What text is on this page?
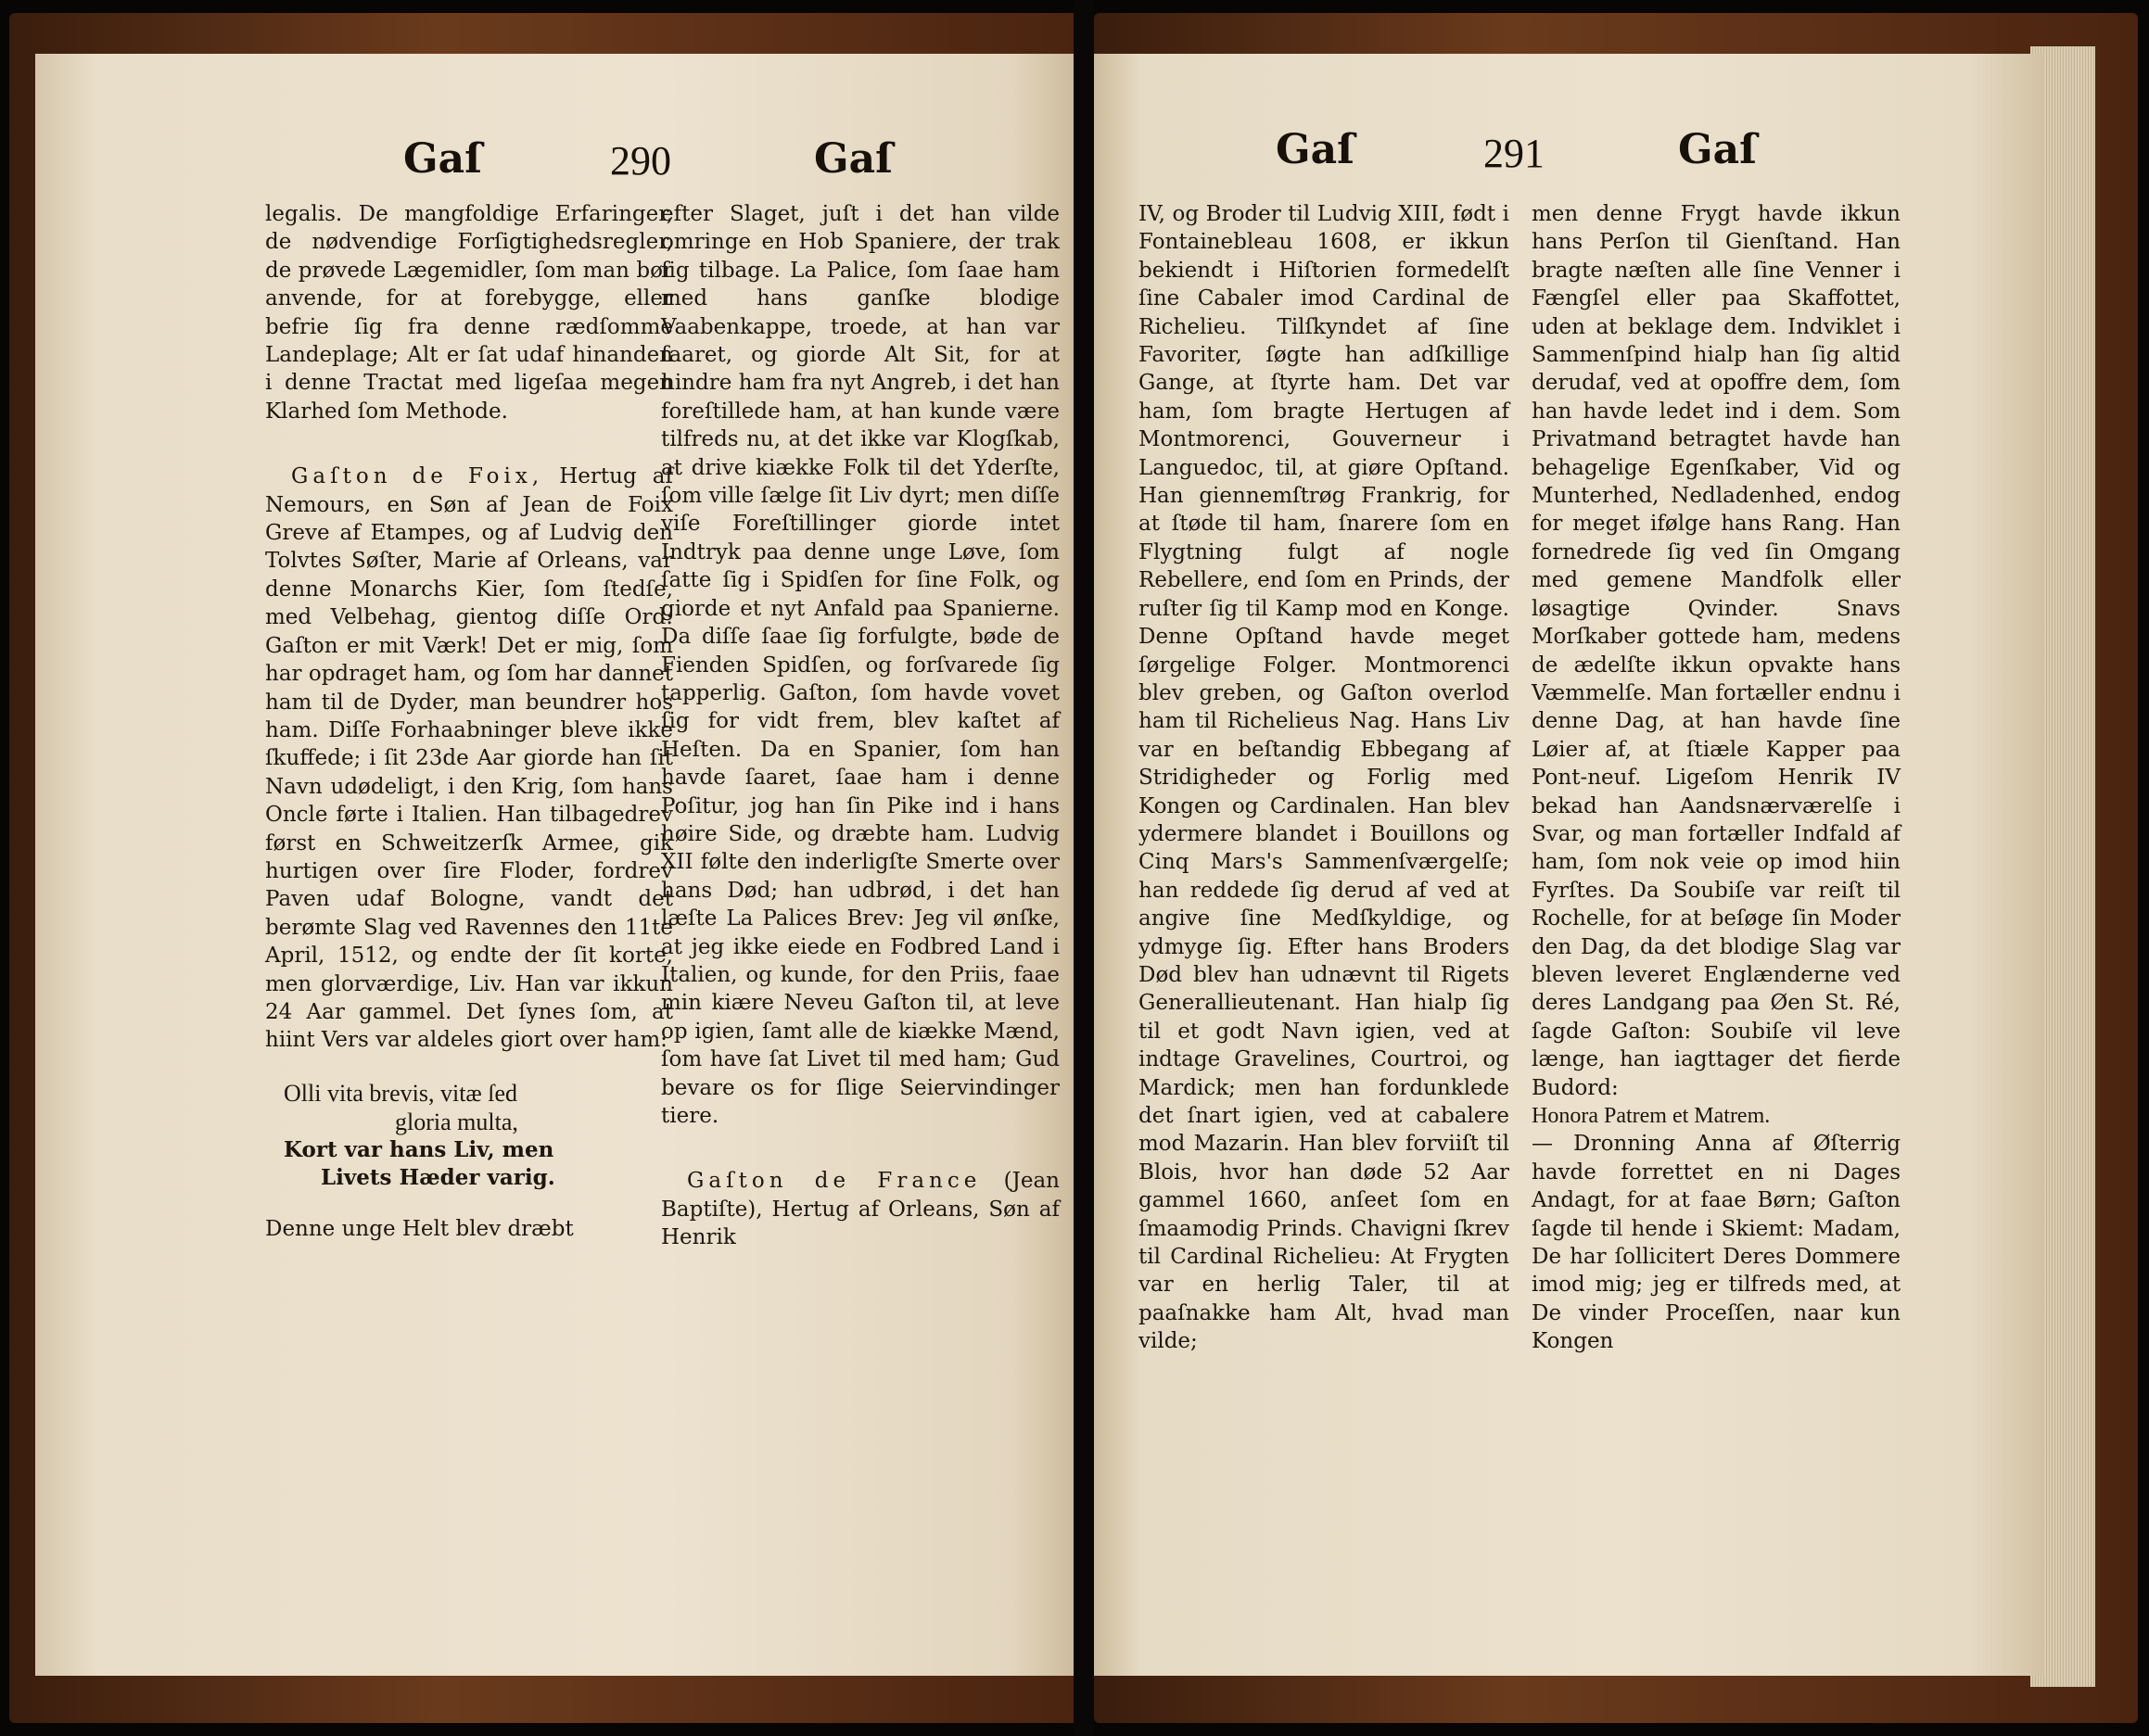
Gaſ	290	Gaſ

legalis. De mangfoldige Erfaringer, de nødvendige Forſigtighedsregler, de prøvede Lægemidler, ſom man bør anvende, for at forebygge, eller befrie ſig fra denne rædſomme Landeplage; Alt er ſat udaf hinanden i denne Tractat med ligeſaa megen Klarhed ſom Methode.

Gaſton de Foix, Hertug af Nemours, en Søn af Jean de Foix Greve af Etampes, og af Ludvig den Tolvtes Søſter, Marie af Orleans, var denne Monarchs Kier, ſom ſtedſe, med Velbehag, gientog diſſe Ord: Gaſton er mit Værk! Det er mig, ſom har opdraget ham, og ſom har dannet ham til de Dyder, man beundrer hos ham. Diſſe Forhaabninger bleve ikke ſkuffede; i ſit 23de Aar giorde han ſit Navn udødeligt, i den Krig, ſom hans Oncle førte i Italien. Han tilbagedrev først en Schweitzerſk Armee, gik hurtigen over ſire Floder, fordrev Paven udaf Bologne, vandt det berømte Slag ved Ravennes den 11te April, 1512, og endte der ſit korte, men glorværdige, Liv. Han var ikkun 24 Aar gammel. Det ſynes ſom, at hiint Vers var aldeles giort over ham:

Olli vita brevis, vitæ ſed
gloria multa,
Kort var hans Liv, men
Livets Hæder varig.

Denne unge Helt blev dræbt

efter Slaget, juſt i det han vilde omringe en Hob Spaniere, der trak ſig tilbage. La Palice, ſom ſaae ham med hans ganſke blodige Vaabenkappe, troede, at han var ſaaret, og giorde Alt Sit, for at hindre ham fra nyt Angreb, i det han foreſtillede ham, at han kunde være tilfreds nu, at det ikke var Klogſkab, at drive kiække Folk til det Yderſte, ſom ville ſælge ſit Liv dyrt; men diſſe viſe Foreſtillinger giorde intet Indtryk paa denne unge Løve, ſom ſatte ſig i Spidſen for ſine Folk, og giorde et nyt Anfald paa Spanierne. Da diſſe ſaae ſig forfulgte, bøde de Fienden Spidſen, og forſvarede ſig tapperlig. Gaſton, ſom havde vovet ſig for vidt frem, blev kaſtet af Heſten. Da en Spanier, ſom han havde ſaaret, ſaae ham i denne Poſitur, jog han ſin Pike ind i hans høire Side, og dræbte ham. Ludvig XII følte den inderligſte Smerte over hans Død; han udbrød, i det han læſte La Palices Brev: Jeg vil ønſke, at jeg ikke eiede en Fodbred Land i Italien, og kunde, for den Priis, faae min kiære Neveu Gaſton til, at leve op igien, ſamt alle de kiække Mænd, ſom have ſat Livet til med ham; Gud bevare os for ſlige Seiervindinger tiere.

Gaſton de France (Jean Baptiſte), Hertug af Orleans, Søn af Henrik

Gaſ	291	Gaſ

IV, og Broder til Ludvig XIII, født i Fontainebleau 1608, er ikkun bekiendt i Hiſtorien formedelſt ſine Cabaler imod Cardinal de Richelieu. Tilſkyndet af ſine Favoriter, ſøgte han adſkillige Gange, at ſtyrte ham. Det var ham, ſom bragte Hertugen af Montmorenci, Gouverneur i Languedoc, til, at giøre Opſtand. Han giennemſtrøg Frankrig, for at ſtøde til ham, ſnarere ſom en Flygtning fulgt af nogle Rebellere, end ſom en Prinds, der ruſter ſig til Kamp mod en Konge. Denne Opſtand havde meget ſørgelige Folger. Montmorenci blev greben, og Gaſton overlod ham til Richelieus Nag. Hans Liv var en beſtandig Ebbegang af Stridigheder og Forlig med Kongen og Cardinalen. Han blev ydermere blandet i Bouillons og Cinq Mars's Sammenſværgelſe; han reddede ſig derud af ved at angive ſine Medſkyldige, og ydmyge ſig. Efter hans Broders Død blev han udnævnt til Rigets Generallieutenant. Han hialp ſig til et godt Navn igien, ved at indtage Gravelines, Courtroi, og Mardick; men han fordunklede det ſnart igien, ved at cabalere mod Mazarin. Han blev forviiſt til Blois, hvor han døde 52 Aar gammel 1660, anſeet ſom en ſmaamodig Prinds. Chavigni ſkrev til Cardinal Richelieu: At Frygten var en herlig Taler, til at paaſnakke ham Alt, hvad man vilde;

men denne Frygt havde ikkun hans Perſon til Gienſtand. Han bragte næſten alle ſine Venner i Fængſel eller paa Skaffottet, uden at beklage dem. Indviklet i Sammenſpind hialp han ſig altid derudaf, ved at opoffre dem, ſom han havde ledet ind i dem. Som Privatmand betragtet havde han behagelige Egenſkaber, Vid og Munterhed, Nedladenhed, endog for meget ifølge hans Rang. Han fornedrede ſig ved ſin Omgang med gemene Mandfolk eller løsagtige Qvinder. Snavs Morſkaber gottede ham, medens de ædelſte ikkun opvakte hans Væmmelſe. Man fortæller endnu i denne Dag, at han havde ſine Løier af, at ſtiæle Kapper paa Pont-neuf. Ligeſom Henrik IV bekad han Aandsnærværelſe i Svar, og man fortæller Indfald af ham, ſom nok veie op imod hiin Fyrſtes. Da Soubiſe var reiſt til Rochelle, for at beſøge ſin Moder den Dag, da det blodige Slag var bleven leveret Englænderne ved deres Landgang paa Øen St. Ré, ſagde Gaſton: Soubiſe vil leve længe, han iagttager det fierde Budord:

Honora Patrem et Matrem.

— Dronning Anna af Øſterrig havde forrettet en ni Dages Andagt, for at faae Børn; Gaſton ſagde til hende i Skiemt: Madam, De har ſollicitert Deres Dommere imod mig; jeg er tilfreds med, at De vinder Proceſſen, naar kun Kongen
